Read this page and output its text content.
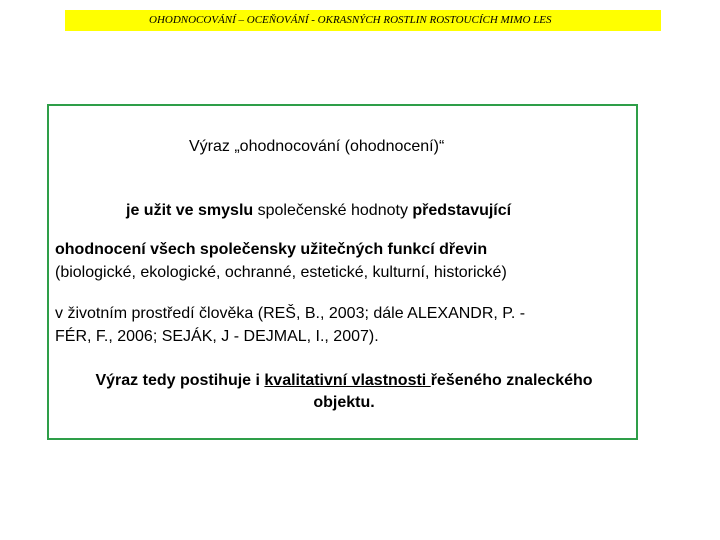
OHODNOCOVÁNÍ – OCEŇOVÁNÍ - OKRASNÝCH ROSTLIN ROSTOUCÍCH MIMO LES
Výraz „ohodnocování (ohodnocení)“
je užit ve smyslu společenské hodnoty představující
ohodnocení všech společensky užitečných funkcí dřevin
(biologické, ekologické, ochranné, estetické, kulturní, historické)
v životním prostředí člověka (REŠ, B., 2003; dále ALEXANDR, P. -
FÉR, F., 2006; SEJÁK, J - DEJMAL, I., 2007).
Výraz tedy postihuje i kvalitativní vlastnosti řešeného znaleckého
objektu.
